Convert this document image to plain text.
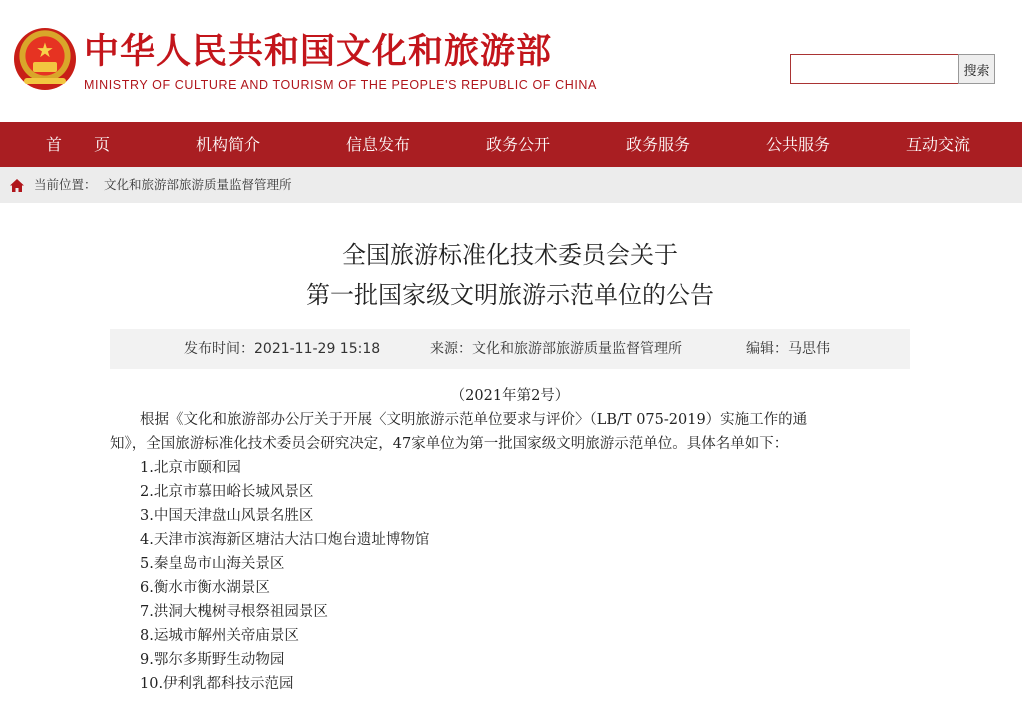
★ 中华人民共和国文化和旅游部
MINISTRY OF CULTURE AND TOURISM OF THE PEOPLE'S REPUBLIC OF CHINA
搜索
首　　页	机构简介	信息发布	政务公开	政务服务	公共服务	互动交流
当前位置： 文化和旅游部旅游质量监督管理所
全国旅游标准化技术委员会关于
第一批国家级文明旅游示范单位的公告
发布时间：2021-11-29 15:18	来源：文化和旅游部旅游质量监督管理所	编辑：马思伟
（2021年第2号）
根据《文化和旅游部办公厅关于开展〈文明旅游示范单位要求与评价〉（LB/T 075-2019）实施工作的通
知》，全国旅游标准化技术委员会研究决定，47家单位为第一批国家级文明旅游示范单位。具体名单如下：
1.北京市颐和园
2.北京市慕田峪长城风景区
3.中国天津盘山风景名胜区
4.天津市滨海新区塘沽大沽口炮台遗址博物馆
5.秦皇岛市山海关景区
6.衡水市衡水湖景区
7.洪洞大槐树寻根祭祖园景区
8.运城市解州关帝庙景区
9.鄂尔多斯野生动物园
10.伊利乳都科技示范园
